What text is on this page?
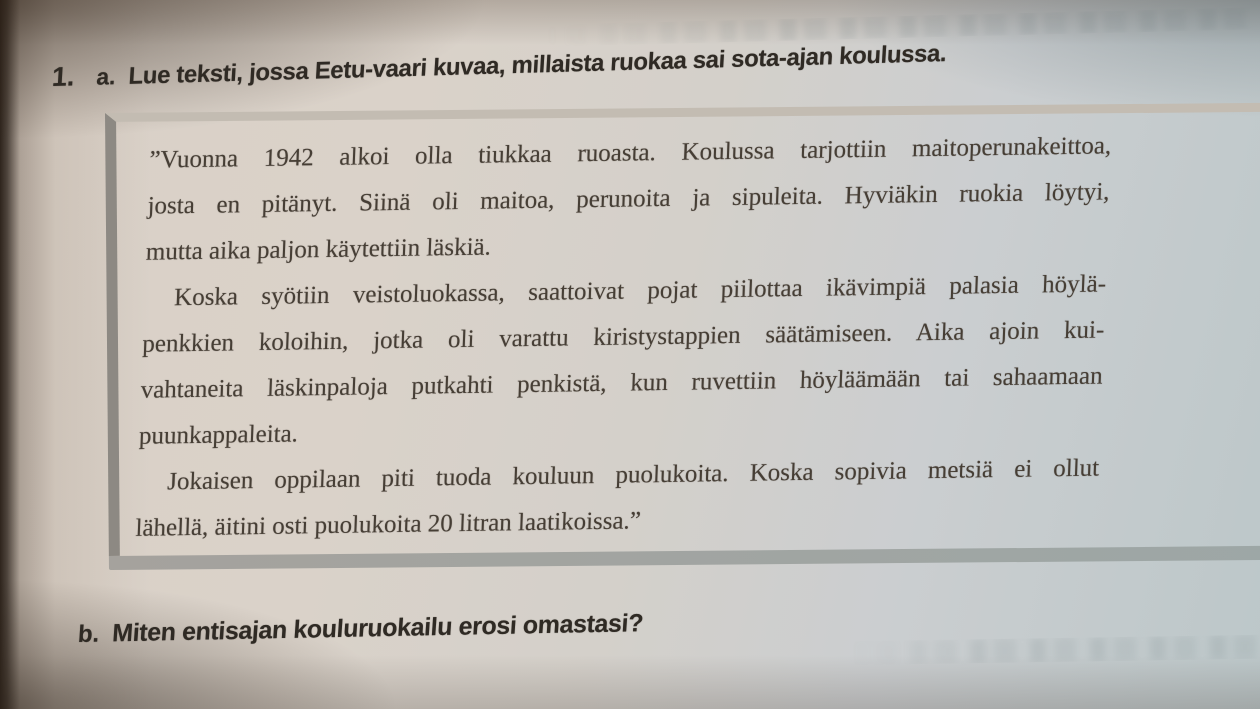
1. a. Lue teksti, jossa Eetu-vaari kuvaa, millaista ruokaa sai sota-ajan koulussa.
”Vuonna 1942 alkoi olla tiukkaa ruoasta. Koulussa tarjottiin maitoperunakeittoa,
josta en pitänyt. Siinä oli maitoa, perunoita ja sipuleita. Hyviäkin ruokia löytyi,
mutta aika paljon käytettiin läskiä.
Koska syötiin veistoluokassa, saattoivat pojat piilottaa ikävimpiä palasia höylä-
penkkien koloihin, jotka oli varattu kiristystappien säätämiseen. Aika ajoin kui-
vahtaneita läskinpaloja putkahti penkistä, kun ruvettiin höyläämään tai sahaamaan
puunkappaleita.
Jokaisen oppilaan piti tuoda kouluun puolukoita. Koska sopivia metsiä ei ollut
lähellä, äitini osti puolukoita 20 litran laatikoissa.”
b. Miten entisajan kouluruokailu erosi omastasi?
